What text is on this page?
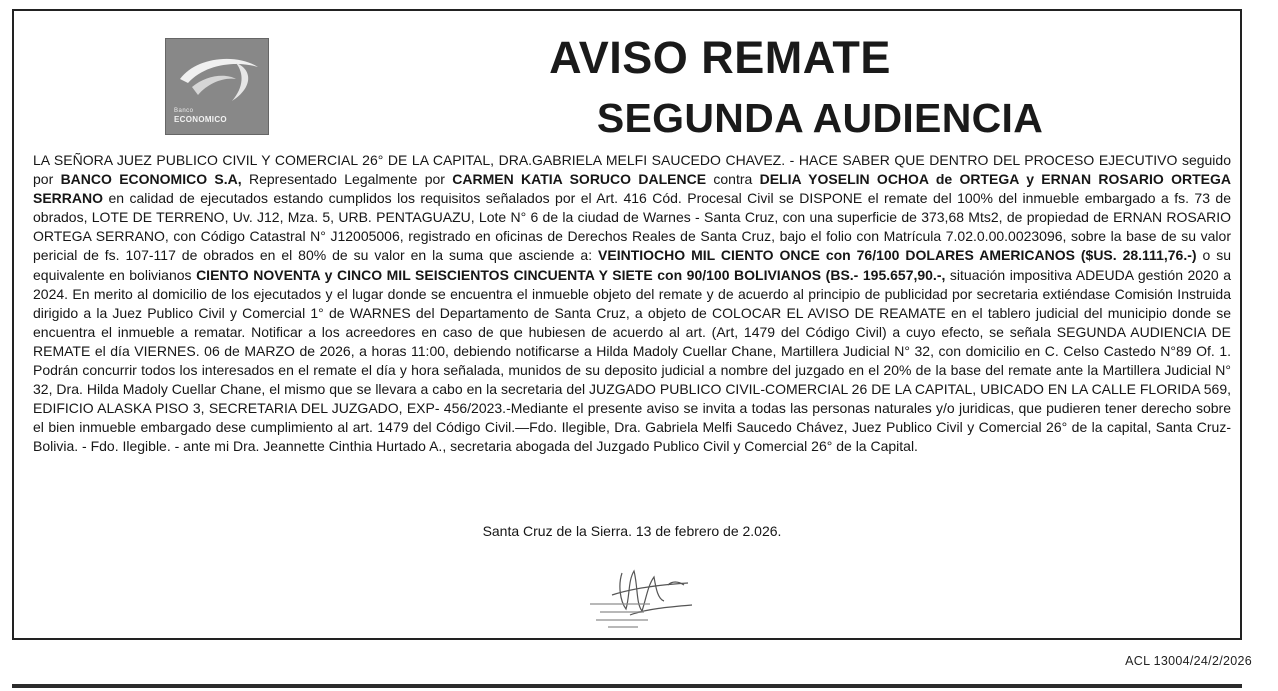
Banco
ECONOMICO
AVISO REMATE
SEGUNDA AUDIENCIA
LA SEÑORA JUEZ PUBLICO CIVIL Y COMERCIAL 26° DE LA CAPITAL, DRA.GABRIELA MELFI SAUCEDO CHAVEZ. - HACE SABER QUE DENTRO DEL PROCESO EJECUTIVO seguido por BANCO ECONOMICO S.A, Representado Legalmente por CARMEN KATIA SORUCO DALENCE contra DELIA YOSELIN OCHOA de ORTEGA y ERNAN ROSARIO ORTEGA SERRANO en calidad de ejecutados estando cumplidos los requisitos señalados por el Art. 416 Cód. Procesal Civil se DISPONE el remate del 100% del inmueble embargado a fs. 73 de obrados, LOTE DE TERRENO, Uv. J12, Mza. 5, URB. PENTAGUAZU, Lote N° 6 de la ciudad de Warnes - Santa Cruz, con una superficie de 373,68 Mts2, de propiedad de ERNAN ROSARIO ORTEGA SERRANO, con Código Catastral N° J12005006, registrado en oficinas de Derechos Reales de Santa Cruz, bajo el folio con Matrícula 7.02.0.00.0023096, sobre la base de su valor pericial de fs. 107-117 de obrados en el 80% de su valor en la suma que asciende a: VEINTIOCHO MIL CIENTO ONCE con 76/100 DOLARES AMERICANOS ($US. 28.111,76.-) o su equivalente en bolivianos CIENTO NOVENTA y CINCO MIL SEISCIENTOS CINCUENTA Y SIETE con 90/100 BOLIVIANOS (BS.- 195.657,90.-, situación impositiva ADEUDA gestión 2020 a 2024. En merito al domicilio de los ejecutados y el lugar donde se encuentra el inmueble objeto del remate y de acuerdo al principio de publicidad por secretaria extiéndase Comisión Instruida dirigido a la Juez Publico Civil y Comercial 1° de WARNES del Departamento de Santa Cruz, a objeto de COLOCAR EL AVISO DE REAMATE en el tablero judicial del municipio donde se encuentra el inmueble a rematar. Notificar a los acreedores en caso de que hubiesen de acuerdo al art. (Art, 1479 del Código Civil) a cuyo efecto, se señala SEGUNDA AUDIENCIA DE REMATE el día VIERNES. 06 de MARZO de 2026, a horas 11:00, debiendo notificarse a Hilda Madoly Cuellar Chane, Martillera Judicial N° 32, con domicilio en C. Celso Castedo N°89 Of. 1. Podrán concurrir todos los interesados en el remate el día y hora señalada, munidos de su deposito judicial a nombre del juzgado en el 20% de la base del remate ante la Martillera Judicial N° 32, Dra. Hilda Madoly Cuellar Chane, el mismo que se llevara a cabo en la secretaria del JUZGADO PUBLICO CIVIL-COMERCIAL 26 DE LA CAPITAL, UBICADO EN LA CALLE FLORIDA 569, EDIFICIO ALASKA PISO 3, SECRETARIA DEL JUZGADO, EXP- 456/2023.-Mediante el presente aviso se invita a todas las personas naturales y/o juridicas, que pudieren tener derecho sobre el bien inmueble embargado dese cumplimiento al art. 1479 del Código Civil.—Fdo. Ilegible, Dra. Gabriela Melfi Saucedo Chávez, Juez Publico Civil y Comercial 26° de la capital, Santa Cruz-Bolivia. - Fdo. Ilegible. - ante mi Dra. Jeannette Cinthia Hurtado A., secretaria abogada del Juzgado Publico Civil y Comercial 26° de la Capital.
Santa Cruz de la Sierra. 13 de febrero de 2.026.
ACL 13004/24/2/2026
